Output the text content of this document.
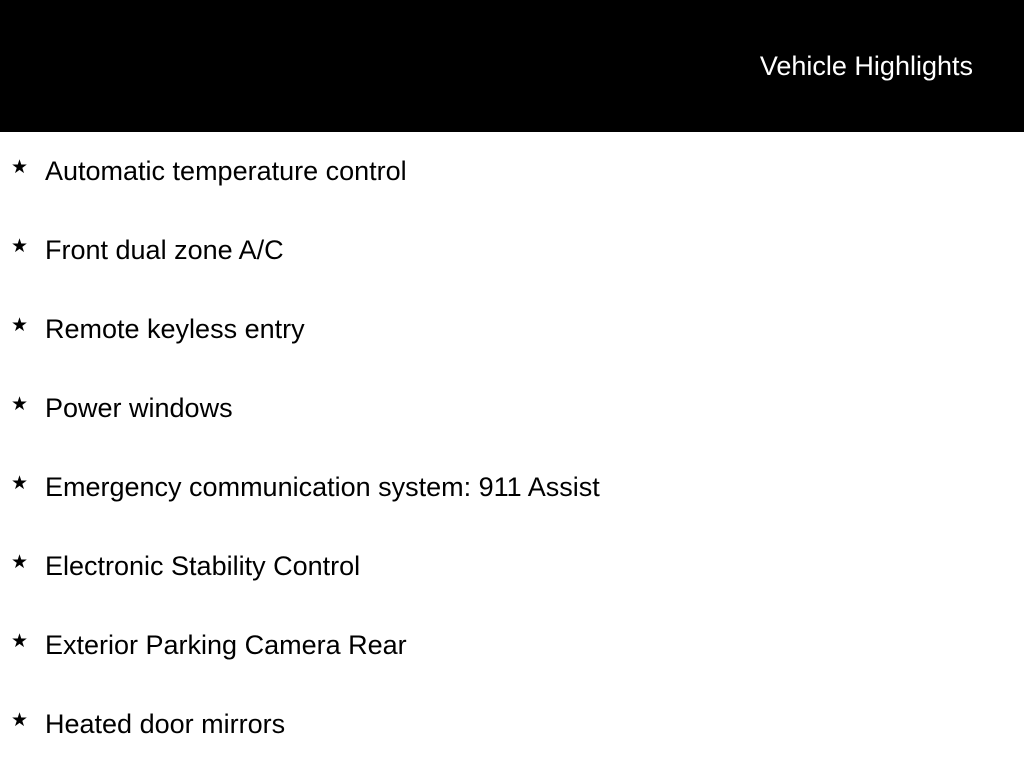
Vehicle Highlights
★ Automatic temperature control
★ Front dual zone A/C
★ Remote keyless entry
★ Power windows
★ Emergency communication system: 911 Assist
★ Electronic Stability Control
★ Exterior Parking Camera Rear
★ Heated door mirrors
